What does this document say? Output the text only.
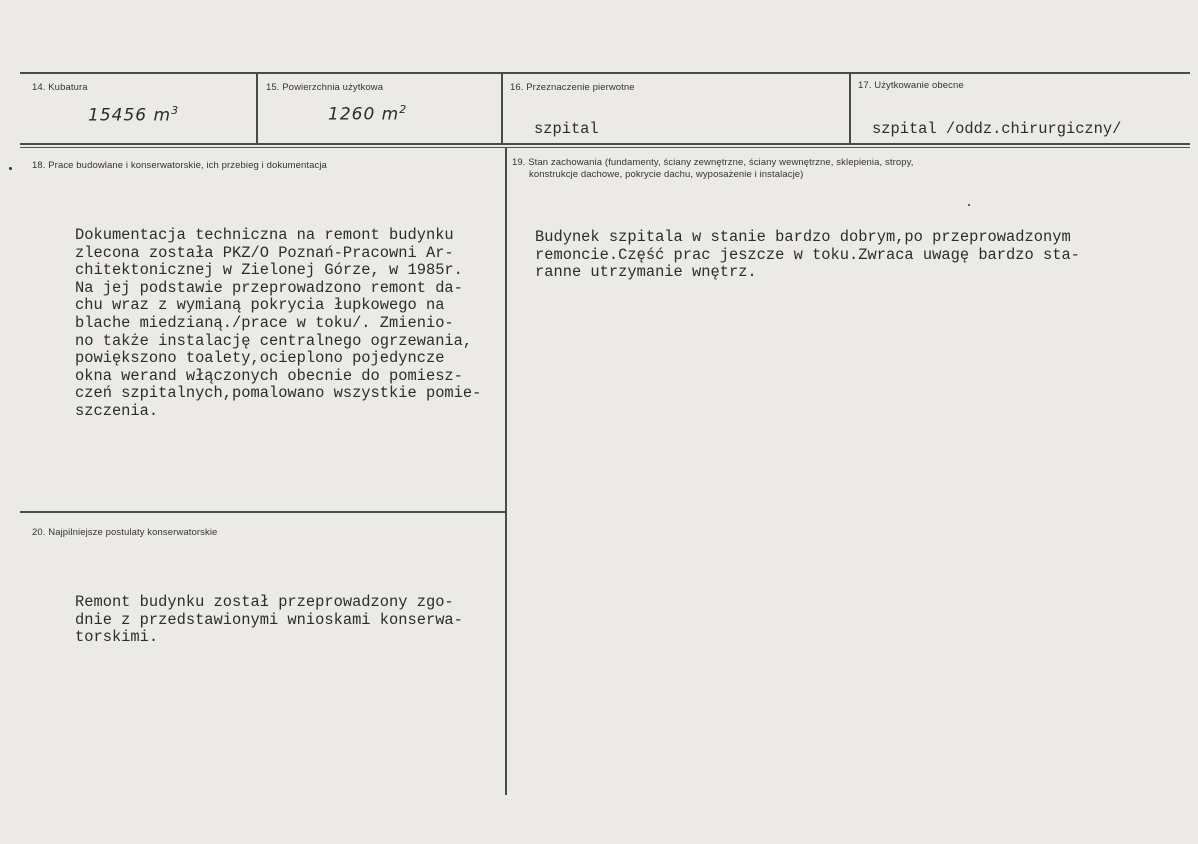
14. Kubatura
15456 $m^3$
15. Powierzchnia użytkowa
1260 $m^2$
16. Przeznaczenie pierwotne
szpital
17. Użytkowanie obecne
szpital /oddz.chirurgiczny/
18. Prace budowlane i konserwatorskie, ich przebieg i dokumentacja
Dokumentacja techniczna na remont budynku
zlecona została PKZ/O Poznań-Pracowni Ar-
chitektonicznej w Zielonej Górze, w 1985r.
Na jej podstawie przeprowadzono remont da-
chu wraz z wymianą pokrycia łupkowego na
blache miedzianą./prace w toku/. Zmienio-
no także instalację centralnego ogrzewania,
powiększono toalety,ocieplono pojedyncze
okna werand włączonych obecnie do pomiesz-
czeń szpitalnych,pomalowano wszystkie pomie-
szczenia.
19. Stan zachowania (fundamenty, ściany zewnętrzne, ściany wewnętrzne, sklepienia, stropy,
konstrukcje dachowe, pokrycie dachu, wyposażenie i instalacje)
Budynek szpitala w stanie bardzo dobrym,po przeprowadzonym
remoncie.Część prac jeszcze w toku.Zwraca uwagę bardzo sta-
ranne utrzymanie wnętrz.
20. Najpilniejsze postulaty konserwatorskie
Remont budynku został przeprowadzony zgo-
dnie z przedstawionymi wnioskami konserwa-
torskimi.
